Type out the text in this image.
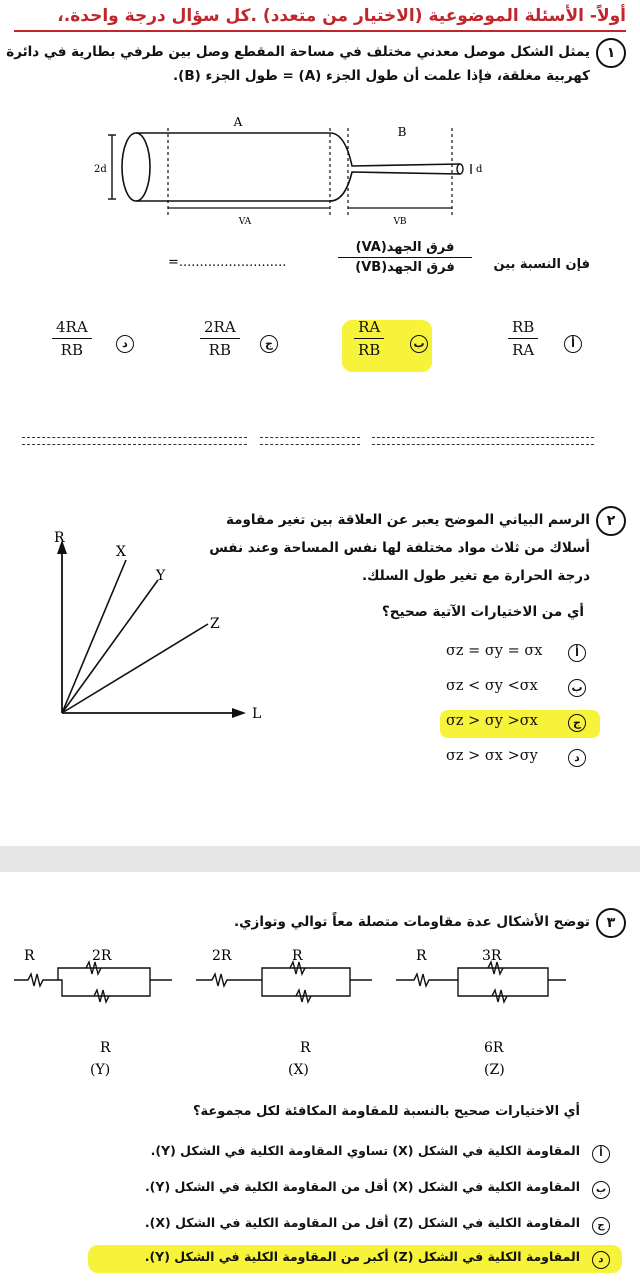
أولاً- الأسئلة الموضوعية (الاختيار من متعدد) .كل سؤال درجة واحدة.،
١
يمثل الشكل موصل معدني مختلف في مساحة المقطع وصل بين طرفي بطارية في دائرة
كهربية مغلقة، فإذا علمت أن طول الجزء (A) = طول الجزء (B).
A
B
2d	d
VA	VB
فإن النسبة بين
فرق الجهد(VA)
فرق الجهد(VB)
=..........................
أ
RB
RA
ب
RA
RB
ج
2RA
RB
د
4RA
RB
٢
الرسم البياني الموضح يعبر عن العلاقة بين تغير مقاومة
أسلاك من ثلاث مواد مختلفة لها نفس المساحة وعند نفس
درجة الحرارة مع تغير طول السلك.
أي من الاختيارات الآتية صحيح؟
R
L
X
Y
Z
أ
σz = σy = σx
ب
σz < σy <σx
ج
σz > σy >σx
د
σz > σx >σy
٣
توضح الأشكال عدة مقاومات متصلة معاً توالي وتوازي.
R	2R
R
(Y)
2R	R
R
(X)
R	3R
6R
(Z)
أي الاختيارات صحيح بالنسبة للمقاومة المكافئة لكل مجموعة؟
أ
المقاومة الكلية في الشكل (X) تساوي المقاومة الكلية في الشكل (Y).
ب
المقاومة الكلية في الشكل (X) أقل من المقاومة الكلية في الشكل (Y).
ج
المقاومة الكلية في الشكل (Z) أقل من المقاومة الكلية في الشكل (X).
د
المقاومة الكلية في الشكل (Z) أكبر من المقاومة الكلية في الشكل (Y).
